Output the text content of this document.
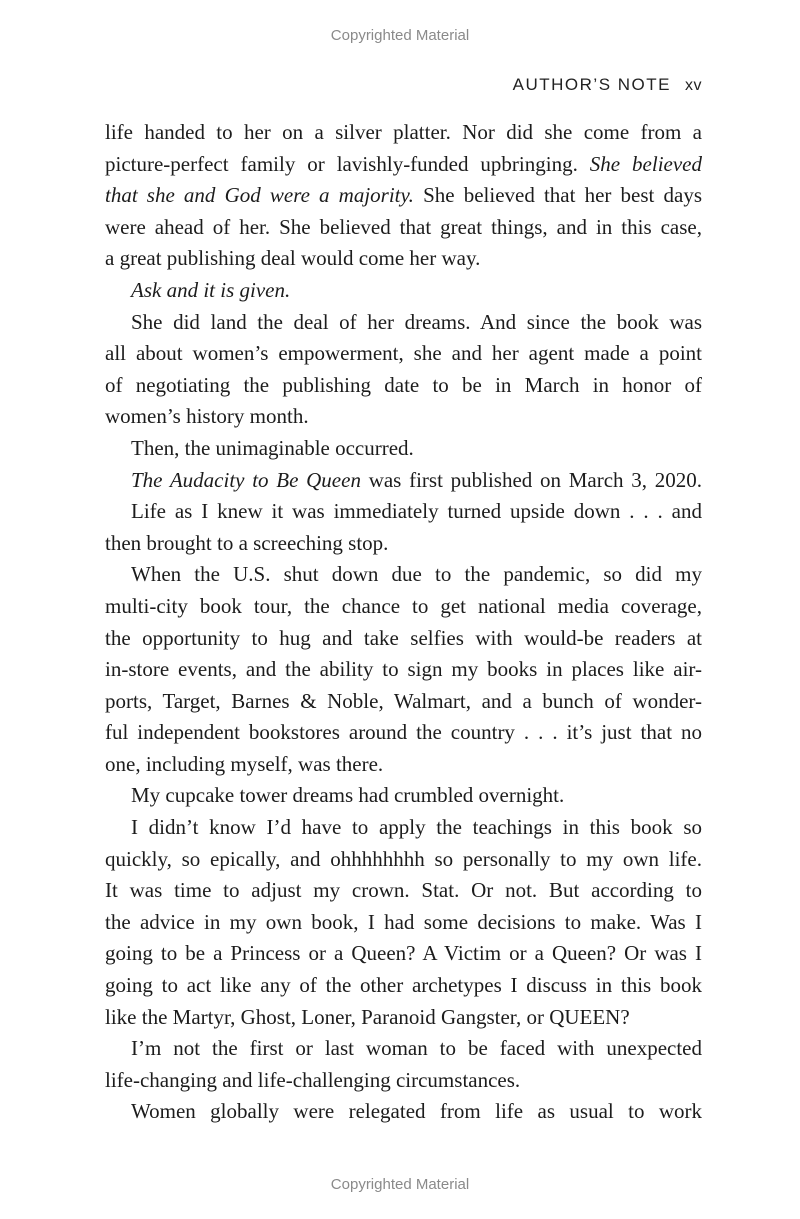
Copyrighted Material
AUTHOR’S NOTE xv
life handed to her on a silver platter. Nor did she come from a
picture-perfect family or lavishly-funded upbringing. She believed
that she and God were a majority. She believed that her best days
were ahead of her. She believed that great things, and in this case,
a great publishing deal would come her way.
Ask and it is given.
She did land the deal of her dreams. And since the book was
all about women’s empowerment, she and her agent made a point
of negotiating the publishing date to be in March in honor of
women’s history month.
Then, the unimaginable occurred.
The Audacity to Be Queen was first published on March 3, 2020.
Life as I knew it was immediately turned upside down . . . and
then brought to a screeching stop.
When the U.S. shut down due to the pandemic, so did my
multi-city book tour, the chance to get national media coverage,
the opportunity to hug and take selfies with would-be readers at
in-store events, and the ability to sign my books in places like air-
ports, Target, Barnes & Noble, Walmart, and a bunch of wonder-
ful independent bookstores around the country . . . it’s just that no
one, including myself, was there.
My cupcake tower dreams had crumbled overnight.
I didn’t know I’d have to apply the teachings in this book so
quickly, so epically, and ohhhhhhhh so personally to my own life.
It was time to adjust my crown. Stat. Or not. But according to
the advice in my own book, I had some decisions to make. Was I
going to be a Princess or a Queen? A Victim or a Queen? Or was I
going to act like any of the other archetypes I discuss in this book
like the Martyr, Ghost, Loner, Paranoid Gangster, or QUEEN?
I’m not the first or last woman to be faced with unexpected
life-changing and life-challenging circumstances.
Women globally were relegated from life as usual to work
Copyrighted Material
